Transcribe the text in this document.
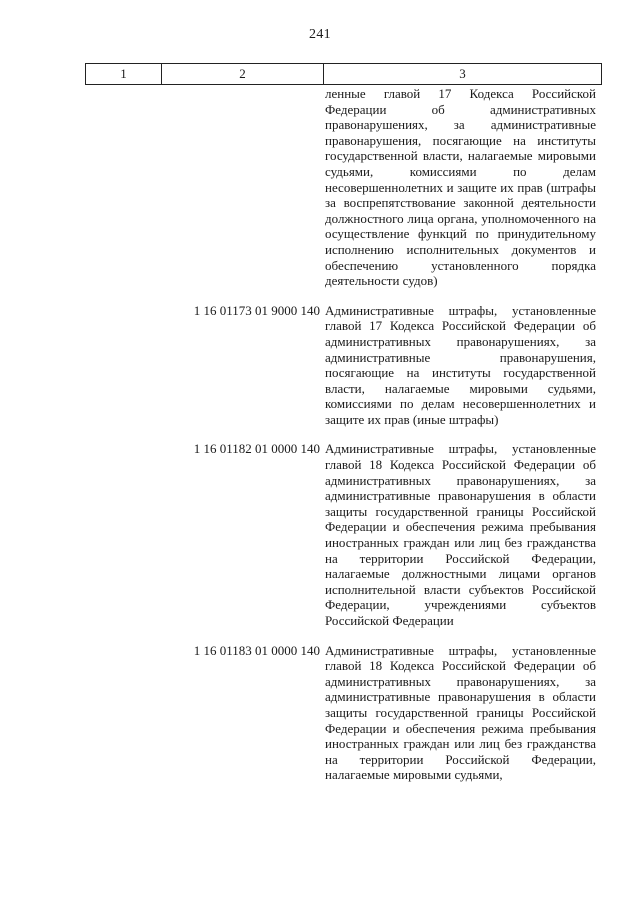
241
1	2	3
ленные главой 17 Кодекса Российской Федерации об административных правонарушениях, за административные правонарушения, посягающие на институты государственной власти, налагаемые мировыми судьями, комиссиями по делам несовершеннолетних и защите их прав (штрафы за воспрепятствование законной деятельности должностного лица органа, уполномоченного на осуществление функций по принудительному исполнению исполнительных документов и обеспечению установленного порядка деятельности судов)
1 16 01173 01 9000 140 Административные штрафы, установленные главой 17 Кодекса Российской Федерации об административных правонарушениях, за административные правонарушения, посягающие на институты государственной власти, налагаемые мировыми судьями, комиссиями по делам несовершеннолетних и защите их прав (иные штрафы)
1 16 01182 01 0000 140 Административные штрафы, установленные главой 18 Кодекса Российской Федерации об административных правонарушениях, за административные правонарушения в области защиты государственной границы Российской Федерации и обеспечения режима пребывания иностранных граждан или лиц без гражданства на территории Российской Федерации, налагаемые должностными лицами органов исполнительной власти субъектов Российской Федерации, учреждениями субъектов Российской Федерации
1 16 01183 01 0000 140 Административные штрафы, установленные главой 18 Кодекса Российской Федерации об административных правонарушениях, за административные правонарушения в области защиты государственной границы Российской Федерации и обеспечения режима пребывания иностранных граждан или лиц без гражданства на территории Российской Федерации, налагаемые мировыми судьями,
